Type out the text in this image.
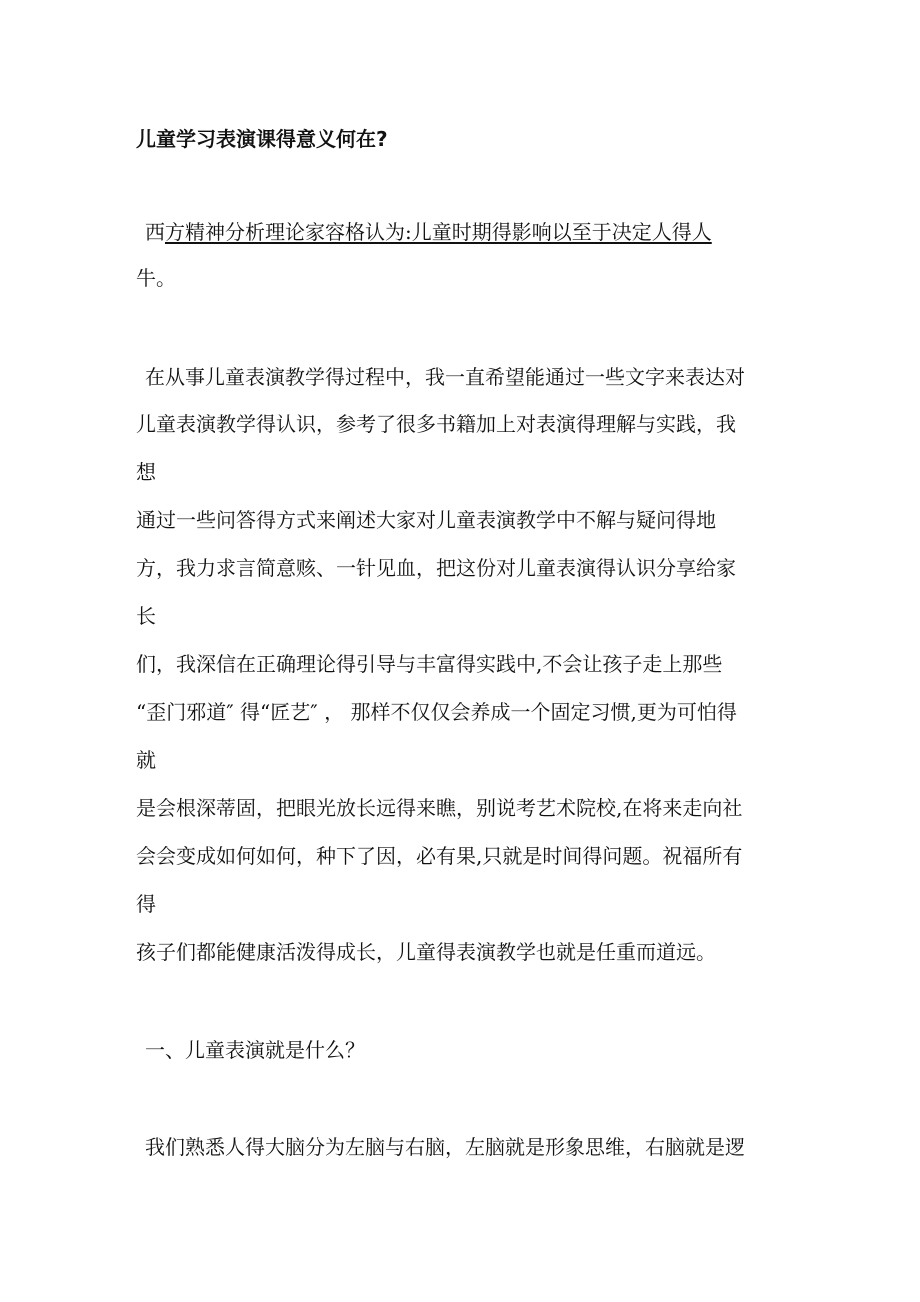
儿童学习表演课得意义何在?
西方精神分析理论家容格认为:儿童时期得影响以至于决定人得人
牛。
在从事儿童表演教学得过程中，我一直希望能通过一些文字来表达对
儿童表演教学得认识，参考了很多书籍加上对表演得理解与实践，我
想
通过一些问答得方式来阐述大家对儿童表演教学中不解与疑问得地
方，我力求言简意赅、一针见血，把这份对儿童表演得认识分享给家
长
们，我深信在正确理论得引导与丰富得实践中,不会让孩子走上那些
“歪门邪道″ 得“匠艺″ ， 那样不仅仅会养成一个固定习惯,更为可怕得
就
是会根深蒂固，把眼光放长远得来瞧，别说考艺术院校,在将来走向社
会会变成如何如何，种下了因，必有果,只就是时间得问题。祝福所有
得
孩子们都能健康活泼得成长，儿童得表演教学也就是任重而道远。
一、儿童表演就是什么？
我们熟悉人得大脑分为左脑与右脑，左脑就是形象思维，右脑就是逻
